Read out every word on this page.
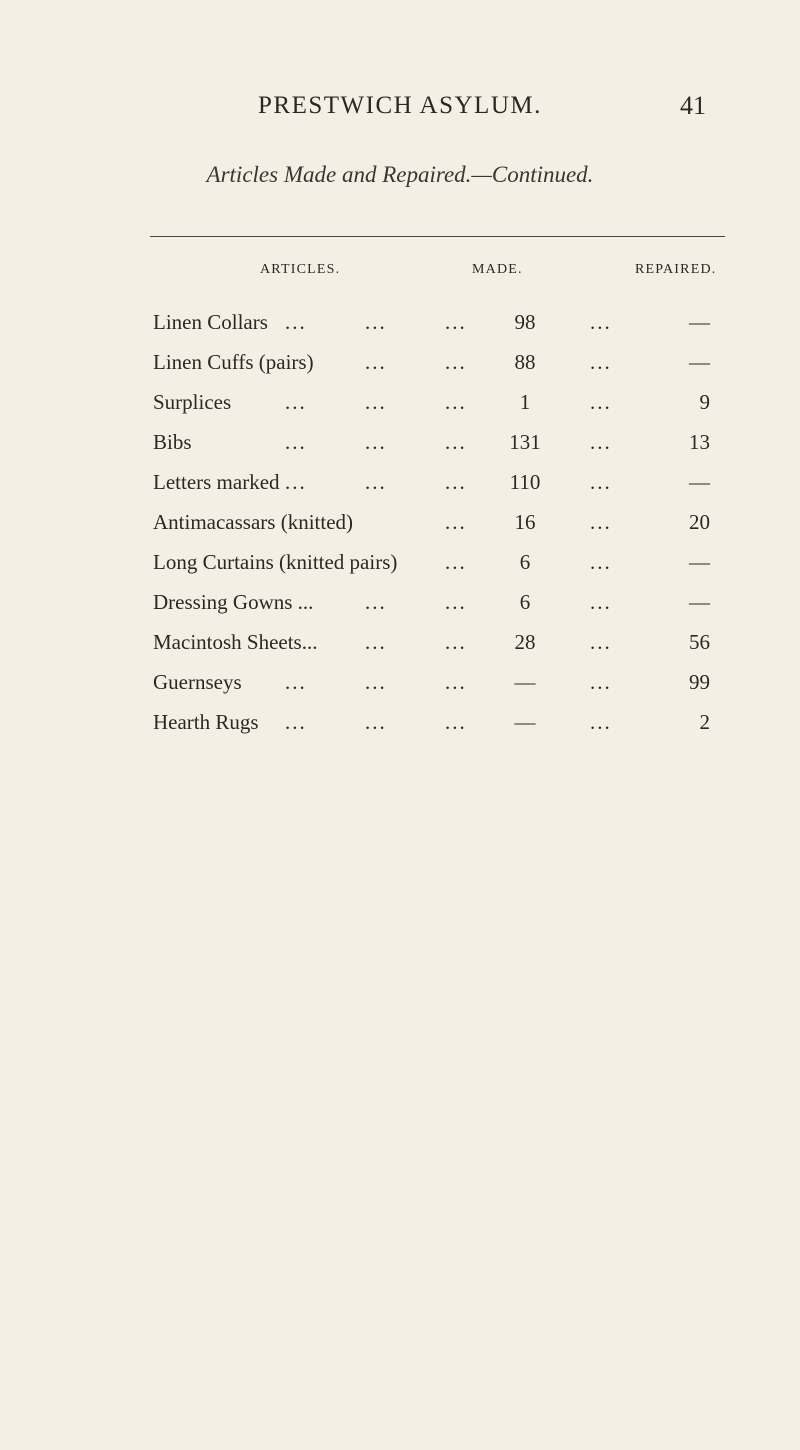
PRESTWICH ASYLUM.	41
Articles Made and Repaired.—Continued.
ARTICLES.	MADE.	REPAIRED.
Linen Collars ...	...	...	98	...	—
Linen Cuffs (pairs) ...	...	88	...	—
Surplices	...	...	...	1	...	9
Bibs	...	...	...	131	...	13
Letters marked ...	...	...	110	...	—
Antimacassars (knitted)	...	16	...	20
Long Curtains (knitted pairs) ...	6	...	—
Dressing Gowns ... ...	...	6	...	—
Macintosh Sheets... ...	...	28	...	56
Guernseys ...	...	...	—	...	99
Hearth Rugs ...	...	...	—	...	2
